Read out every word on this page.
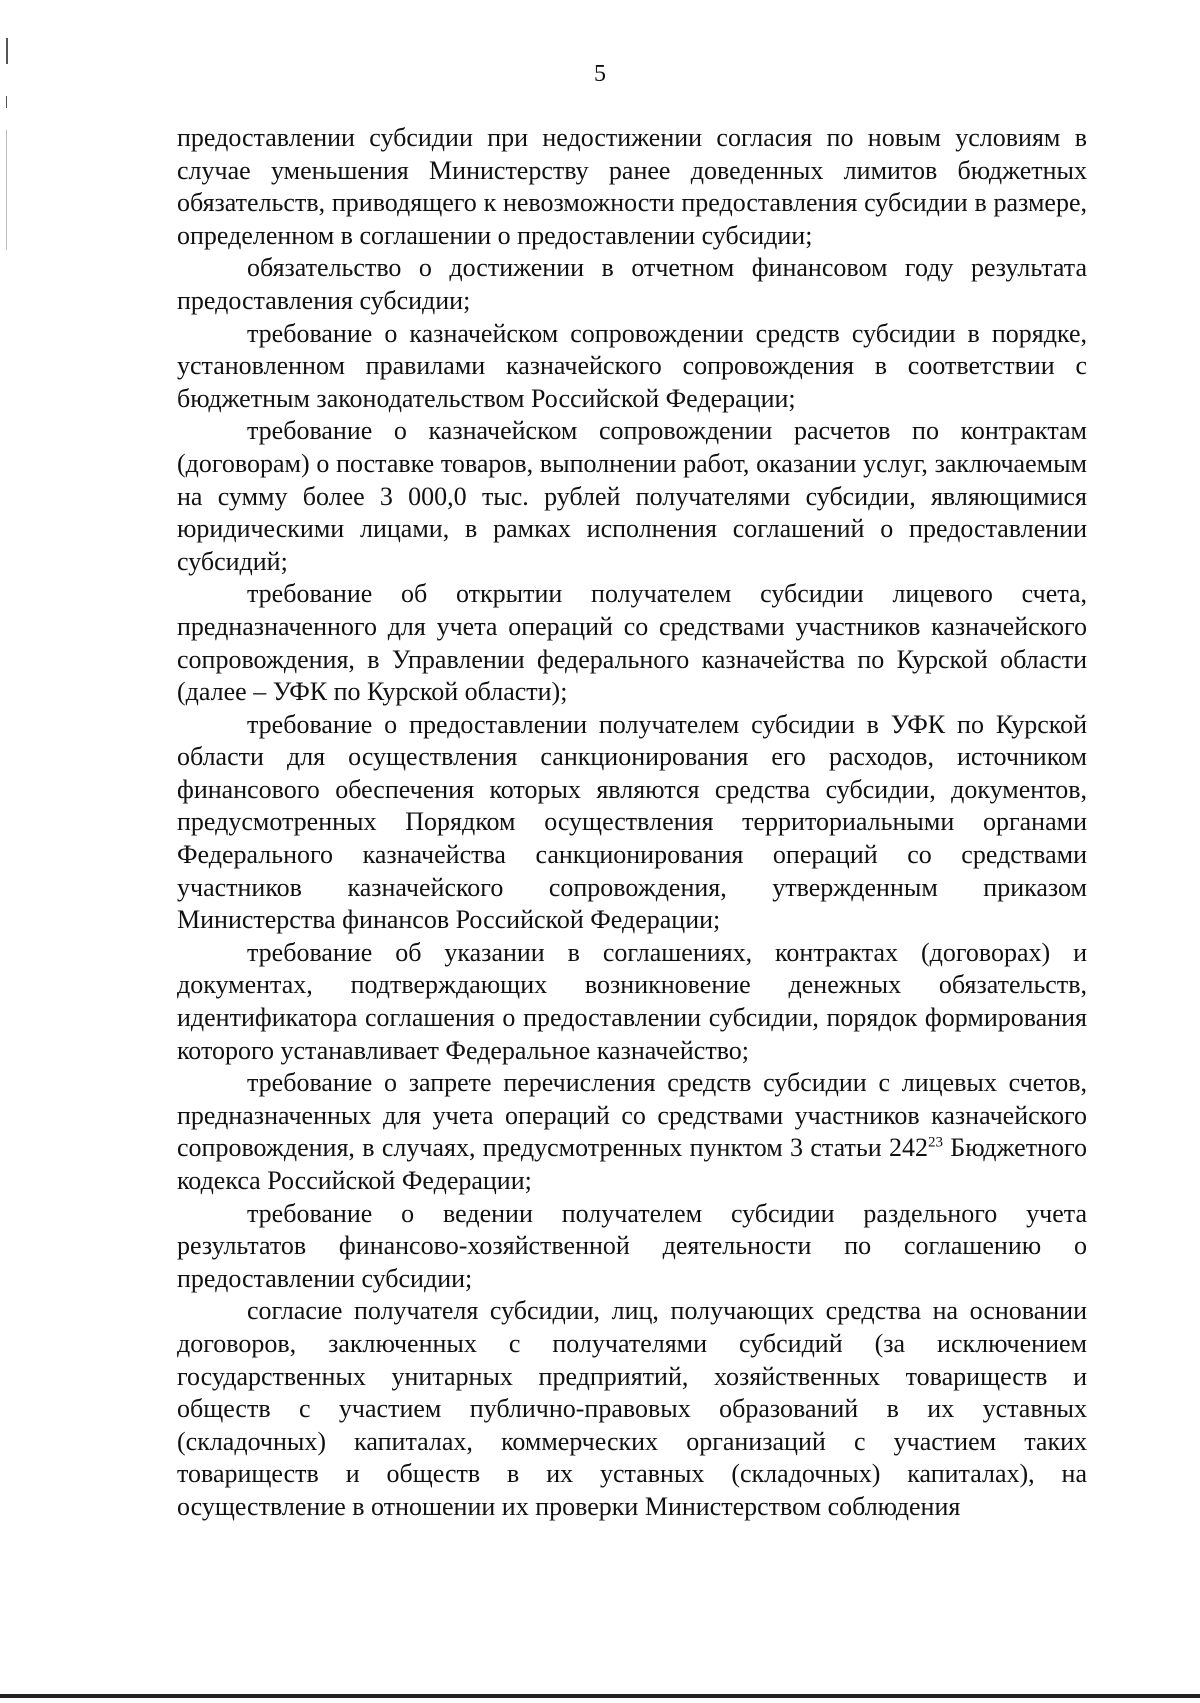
5

предоставлении субсидии при недостижении согласия по новым условиям в случае уменьшения Министерству ранее доведенных лимитов бюджетных обязательств, приводящего к невозможности предоставления субсидии в размере, определенном в соглашении о предоставлении субсидии;

обязательство о достижении в отчетном финансовом году результата предоставления субсидии;

требование о казначейском сопровождении средств субсидии в порядке, установленном правилами казначейского сопровождения в соответствии с бюджетным законодательством Российской Федерации;

требование о казначейском сопровождении расчетов по контрактам (договорам) о поставке товаров, выполнении работ, оказании услуг, заключаемым на сумму более 3 000,0 тыс. рублей получателями субсидии, являющимися юридическими лицами, в рамках исполнения соглашений о предоставлении субсидий;

требование об открытии получателем субсидии лицевого счета, предназначенного для учета операций со средствами участников казначейского сопровождения, в Управлении федерального казначейства по Курской области (далее – УФК по Курской области);

требование о предоставлении получателем субсидии в УФК по Курской области для осуществления санкционирования его расходов, источником финансового обеспечения которых являются средства субсидии, документов, предусмотренных Порядком осуществления территориальными органами Федерального казначейства санкционирования операций со средствами участников казначейского сопровождения, утвержденным приказом Министерства финансов Российской Федерации;

требование об указании в соглашениях, контрактах (договорах) и документах, подтверждающих возникновение денежных обязательств, идентификатора соглашения о предоставлении субсидии, порядок формирования которого устанавливает Федеральное казначейство;

требование о запрете перечисления средств субсидии с лицевых счетов, предназначенных для учета операций со средствами участников казначейского сопровождения, в случаях, предусмотренных пунктом 3 статьи $242^{23}$ Бюджетного кодекса Российской Федерации;

требование о ведении получателем субсидии раздельного учета результатов финансово-хозяйственной деятельности по соглашению о предоставлении субсидии;

согласие получателя субсидии, лиц, получающих средства на основании договоров, заключенных с получателями субсидий (за исключением государственных унитарных предприятий, хозяйственных товариществ и обществ с участием публично-правовых образований в их уставных (складочных) капиталах, коммерческих организаций с участием таких товариществ и обществ в их уставных (складочных) капиталах), на осуществление в отношении их проверки Министерством соблюдения
